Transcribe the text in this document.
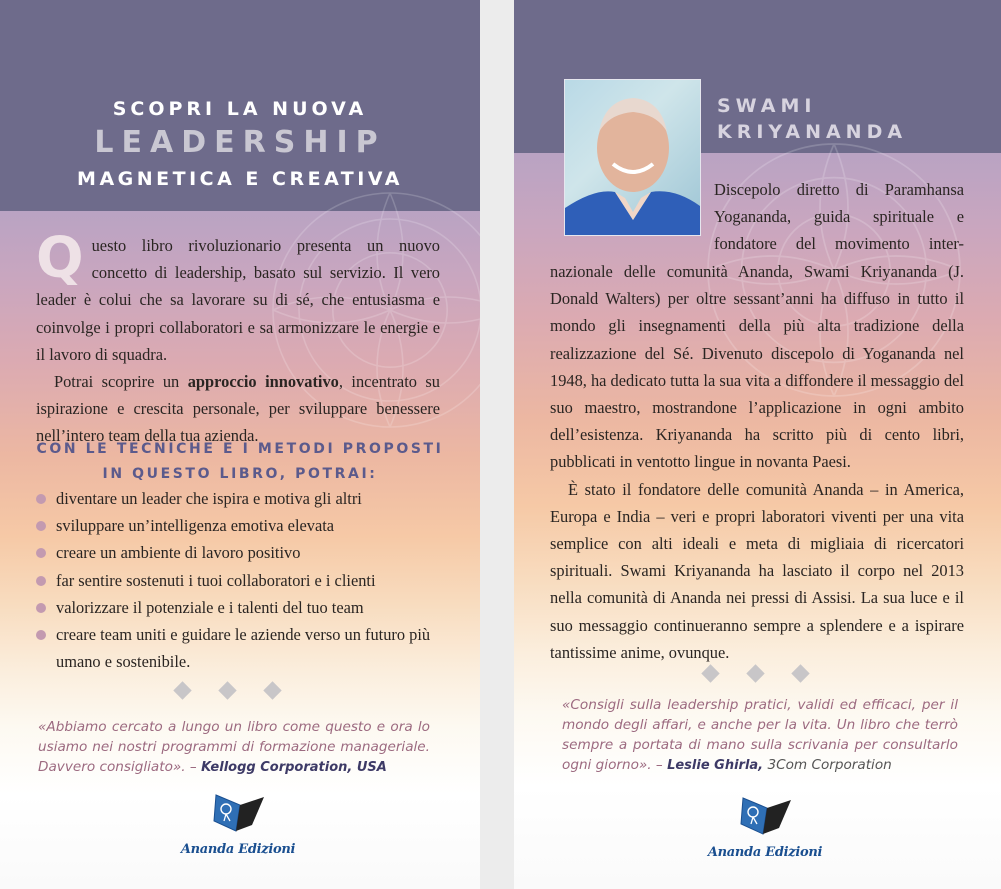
SCOPRI LA NUOVA
LEADERSHIP
MAGNETICA E CREATIVA
Q uesto libro rivoluzionario presenta un nuovo concetto di leadership, basato sul servizio. Il vero leader è colui che sa lavorare su di sé, che entusiasma e coinvolge i propri collaboratori e sa armonizzare le energie e il lavoro di squadra.
Potrai scoprire un approccio innovativo, incentrato su ispirazione e crescita personale, per sviluppare benessere nell’intero team della tua azienda.
CON LE TECNICHE E I METODI PROPOSTI
IN QUESTO LIBRO, POTRAI:
diventare un leader che ispira e motiva gli altri
sviluppare un’intelligenza emotiva elevata
creare un ambiente di lavoro positivo
far sentire sostenuti i tuoi collaboratori e i clienti
valorizzare il potenziale e i talenti del tuo team
creare team uniti e guidare le aziende verso un futuro più umano e sostenibile.
«Abbiamo cercato a lungo un libro come questo e ora lo usiamo nei nostri programmi di formazione manageriale. Davvero consigliato». – Kellogg Corporation, USA
Ananda Edizioni
SWAMI
KRIYANANDA
Discepolo diretto di Paramhansa Yogananda, guida spirituale e fondatore del movimento inter-
nazionale delle comunità Ananda, Swami Kriyananda (J. Donald Walters) per oltre sessant’anni ha diffuso in tutto il mondo gli insegnamenti della più alta tradizione della realizzazione del Sé. Divenuto discepolo di Yogananda nel 1948, ha dedicato tutta la sua vita a diffondere il messaggio del suo maestro, mostrandone l’applicazione in ogni ambito dell’esistenza. Kriyananda ha scritto più di cento libri, pubblicati in ventotto lingue in novanta Paesi.
È stato il fondatore delle comunità Ananda – in America, Europa e India – veri e propri laboratori viventi per una vita semplice con alti ideali e meta di migliaia di ricercatori spirituali. Swami Kriyananda ha lasciato il corpo nel 2013 nella comunità di Ananda nei pressi di Assisi. La sua luce e il suo messaggio continueranno sempre a splendere e a ispirare tantissime anime, ovunque.
«Consigli sulla leadership pratici, validi ed efficaci, per il mondo degli affari, e anche per la vita. Un libro che terrò sempre a portata di mano sulla scrivania per consultarlo ogni giorno». – Leslie Ghirla, 3Com Corporation
Ananda Edizioni
